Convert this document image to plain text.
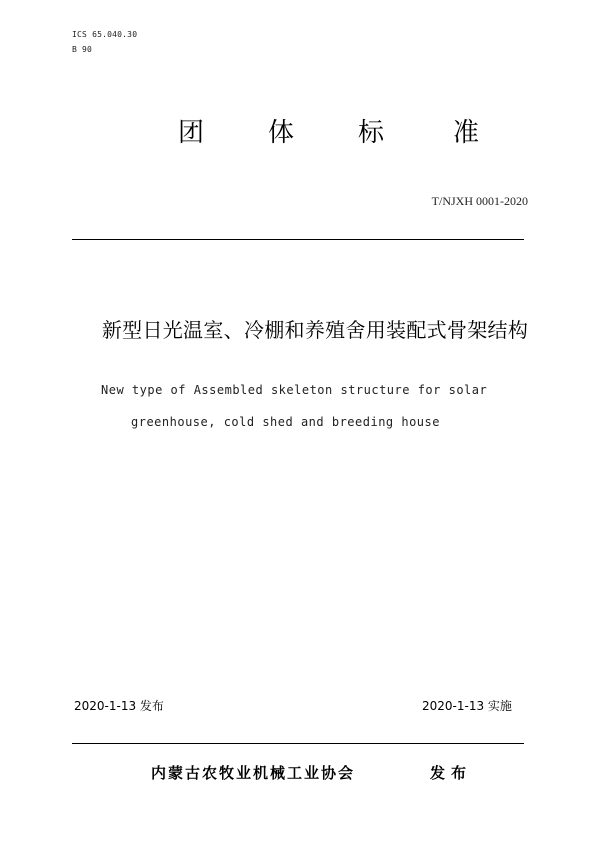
ICS 65.040.30
B 90
团 体 标	准
T/NJXH 0001-2020
新型日光温室、冷棚和养殖舍用装配式骨架结构
New type of Assembled skeleton structure for solar
greenhouse, cold shed and breeding house
2020-1-13 发布	2020-1-13 实施
内蒙古农牧业机械工业协会	发布
